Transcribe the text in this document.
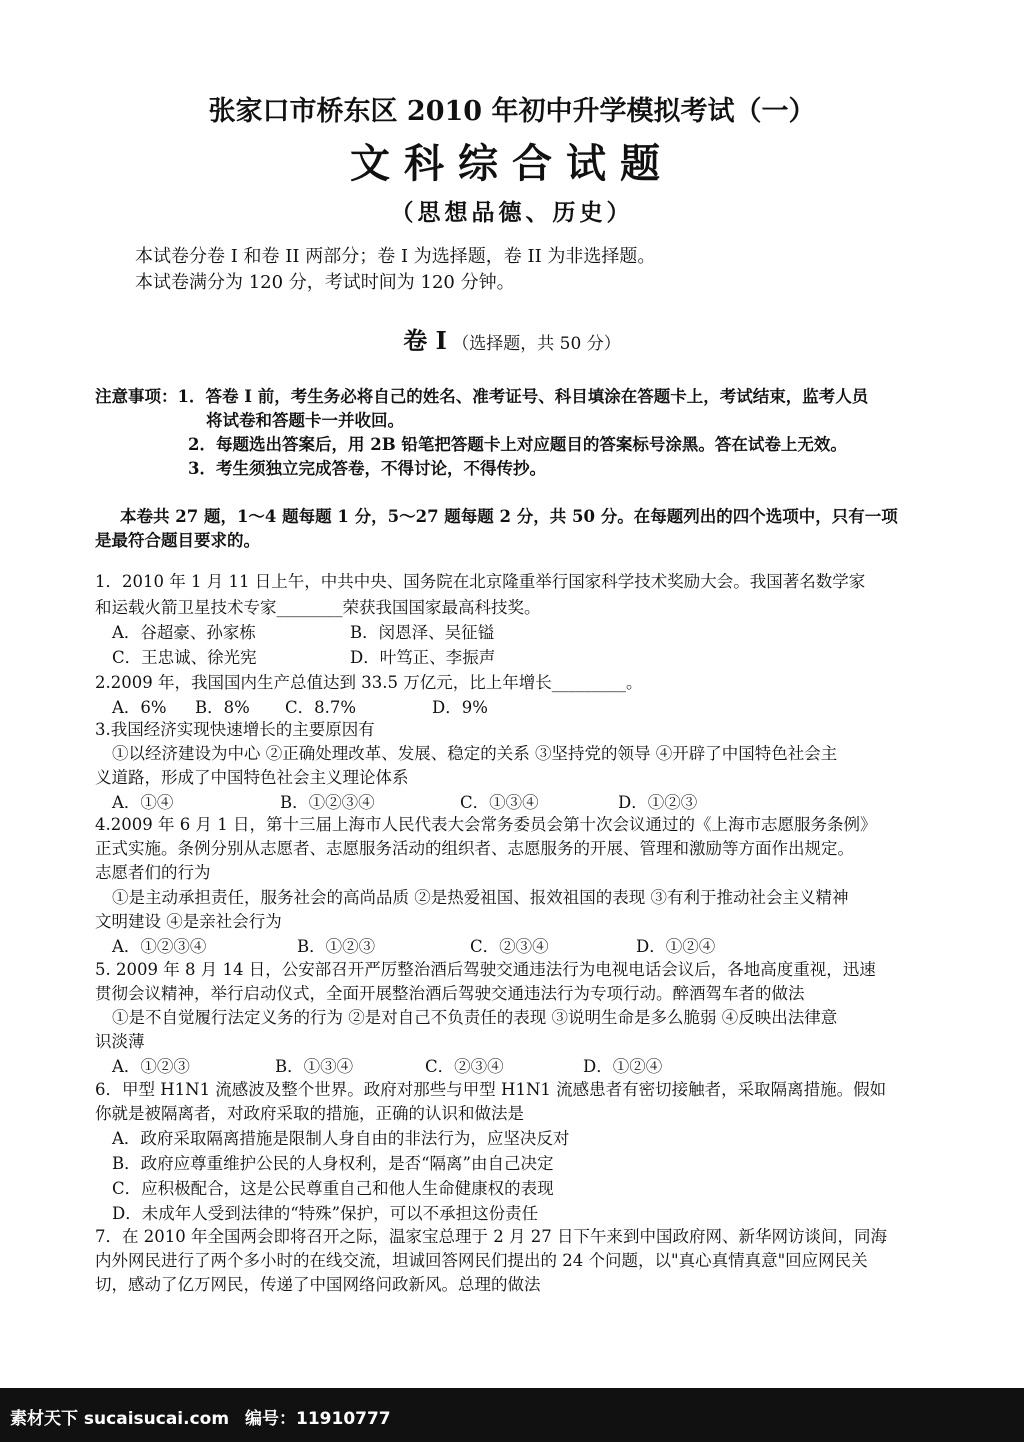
张家口市桥东区 2010 年初中升学模拟考试（一）
文科综合试题
（思想品德、历史）
本试卷分卷 I 和卷 II 两部分；卷 I 为选择题，卷 II 为非选择题。
本试卷满分为 120 分，考试时间为 120 分钟。
卷 I （选择题，共 50 分）
注意事项：1．答卷 I 前，考生务必将自己的姓名、准考证号、科目填涂在答题卡上，考试结束，监考人员
将试卷和答题卡一并收回。
2．每题选出答案后，用 2B 铅笔把答题卡上对应题目的答案标号涂黑。答在试卷上无效。
3．考生须独立完成答卷，不得讨论，不得传抄。
本卷共 27 题，1～4 题每题 1 分，5～27 题每题 2 分，共 50 分。在每题列出的四个选项中，只有一项
是最符合题目要求的。
1．2010 年 1 月 11 日上午，中共中央、国务院在北京隆重举行国家科学技术奖励大会。我国著名数学家
和运载火箭卫星技术专家________荣获我国国家最高科技奖。
A．谷超豪、孙家栋	B．闵恩泽、吴征镒
C．王忠诚、徐光宪	D．叶笃正、李振声
2.2009 年，我国国内生产总值达到 33.5 万亿元，比上年增长_________。
A．6% B．8% C．8.7%	D．9%
3.我国经济实现快速增长的主要原因有
①以经济建设为中心 ②正确处理改革、发展、稳定的关系 ③坚持党的领导 ④开辟了中国特色社会主
义道路，形成了中国特色社会主义理论体系
A．①④	B．①②③④	C．①③④	D．①②③
4.2009 年 6 月 1 日，第十三届上海市人民代表大会常务委员会第十次会议通过的《上海市志愿服务条例》
正式实施。条例分别从志愿者、志愿服务活动的组织者、志愿服务的开展、管理和激励等方面作出规定。
志愿者们的行为
①是主动承担责任，服务社会的高尚品质 ②是热爱祖国、报效祖国的表现 ③有利于推动社会主义精神
文明建设 ④是亲社会行为
A．①②③④	B．①②③	C．②③④	D．①②④
5. 2009 年 8 月 14 日，公安部召开严厉整治酒后驾驶交通违法行为电视电话会议后，各地高度重视，迅速
贯彻会议精神，举行启动仪式，全面开展整治酒后驾驶交通违法行为专项行动。醉酒驾车者的做法
①是不自觉履行法定义务的行为 ②是对自己不负责任的表现 ③说明生命是多么脆弱 ④反映出法律意
识淡薄
A．①②③	B．①③④	C．②③④	D．①②④
6．甲型 H1N1 流感波及整个世界。政府对那些与甲型 H1N1 流感患者有密切接触者，采取隔离措施。假如
你就是被隔离者，对政府采取的措施，正确的认识和做法是
A．政府采取隔离措施是限制人身自由的非法行为，应坚决反对
B．政府应尊重维护公民的人身权利，是否“隔离”由自己决定
C．应积极配合，这是公民尊重自己和他人生命健康权的表现
D．未成年人受到法律的“特殊”保护，可以不承担这份责任
7．在 2010 年全国两会即将召开之际，温家宝总理于 2 月 27 日下午来到中国政府网、新华网访谈间，同海
内外网民进行了两个多小时的在线交流，坦诚回答网民们提出的 24 个问题，以"真心真情真意"回应网民关
切，感动了亿万网民，传递了中国网络问政新风。总理的做法
素材天下 sucaisucai.com 编号：11910777
